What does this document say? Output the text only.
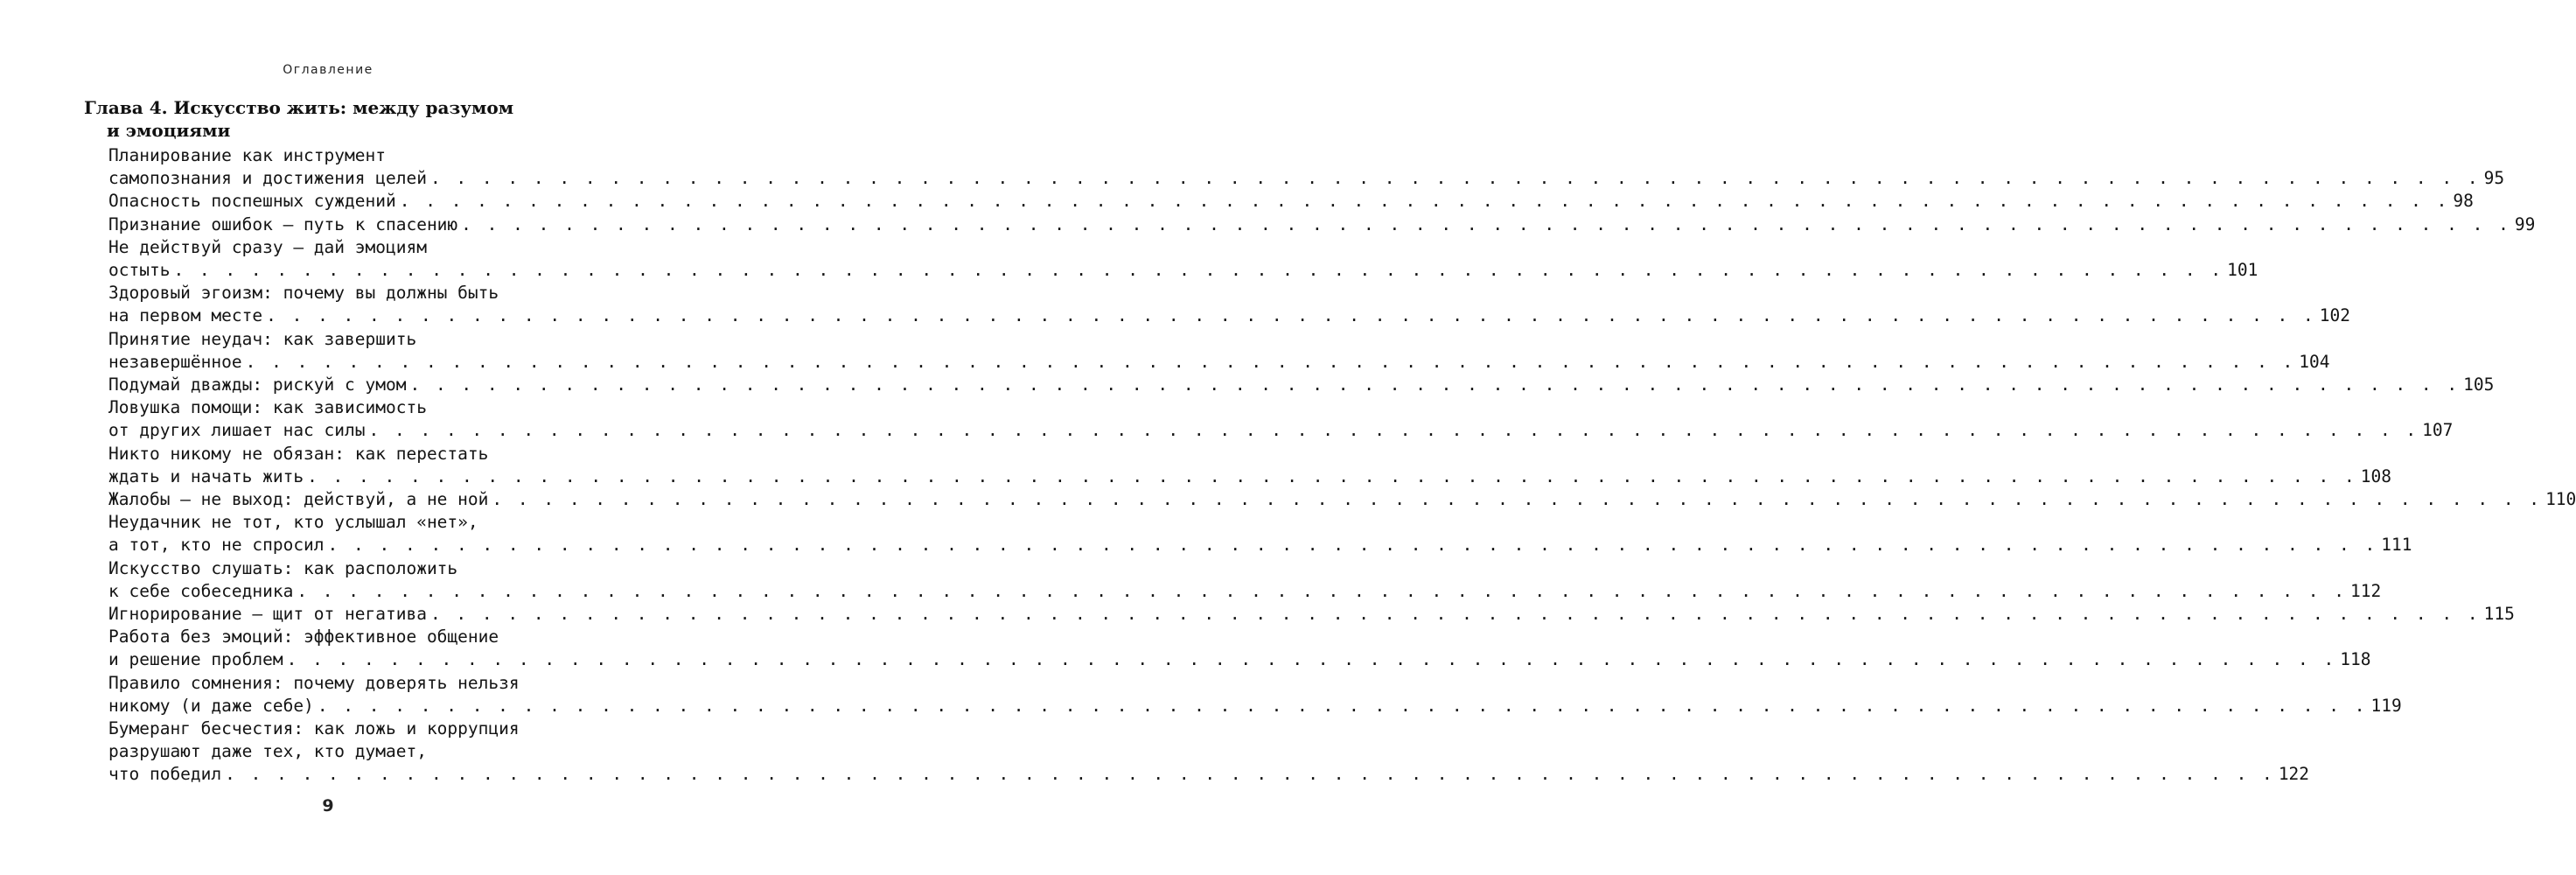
Оглавление
Глава 4. Искусство жить: между разумом
и эмоциями
Планирование как инструмент
самопознания и достижения целей . . . . . . . . . . . . . . . . . . . . . . . . . . . . . . . . . . . . . . . . . . . . . . . . . . . . . . . . . . . . . . . . . . . . . . . . . . . . . . . . 95
Опасность поспешных суждений . . . . . . . . . . . . . . . . . . . . . . . . . . . . . . . . . . . . . . . . . . . . . . . . . . . . . . . . . . . . . . . . . . . . . . . . . . . . . . . . 98
Признание ошибок — путь к спасению . . . . . . . . . . . . . . . . . . . . . . . . . . . . . . . . . . . . . . . . . . . . . . . . . . . . . . . . . . . . . . . . . . . . . . . . . . . . . . . . 99
Не действуй сразу — дай эмоциям
остыть . . . . . . . . . . . . . . . . . . . . . . . . . . . . . . . . . . . . . . . . . . . . . . . . . . . . . . . . . . . . . . . . . . . . . . . . . . . . . . . . 101
Здоровый эгоизм: почему вы должны быть
на первом месте . . . . . . . . . . . . . . . . . . . . . . . . . . . . . . . . . . . . . . . . . . . . . . . . . . . . . . . . . . . . . . . . . . . . . . . . . . . . . . . . 102
Принятие неудач: как завершить
незавершённое . . . . . . . . . . . . . . . . . . . . . . . . . . . . . . . . . . . . . . . . . . . . . . . . . . . . . . . . . . . . . . . . . . . . . . . . . . . . . . . . 104
Подумай дважды: рискуй с умом . . . . . . . . . . . . . . . . . . . . . . . . . . . . . . . . . . . . . . . . . . . . . . . . . . . . . . . . . . . . . . . . . . . . . . . . . . . . . . . . 105
Ловушка помощи: как зависимость
от других лишает нас силы . . . . . . . . . . . . . . . . . . . . . . . . . . . . . . . . . . . . . . . . . . . . . . . . . . . . . . . . . . . . . . . . . . . . . . . . . . . . . . . . 107
Никто никому не обязан: как перестать
ждать и начать жить . . . . . . . . . . . . . . . . . . . . . . . . . . . . . . . . . . . . . . . . . . . . . . . . . . . . . . . . . . . . . . . . . . . . . . . . . . . . . . . . 108
Жалобы — не выход: действуй, а не ной . . . . . . . . . . . . . . . . . . . . . . . . . . . . . . . . . . . . . . . . . . . . . . . . . . . . . . . . . . . . . . . . . . . . . . . . . . . . . . . . 110
Неудачник не тот, кто услышал «нет»,
а тот, кто не спросил . . . . . . . . . . . . . . . . . . . . . . . . . . . . . . . . . . . . . . . . . . . . . . . . . . . . . . . . . . . . . . . . . . . . . . . . . . . . . . . . 111
Искусство слушать: как расположить
к себе собеседника . . . . . . . . . . . . . . . . . . . . . . . . . . . . . . . . . . . . . . . . . . . . . . . . . . . . . . . . . . . . . . . . . . . . . . . . . . . . . . . . 112
Игнорирование — щит от негатива . . . . . . . . . . . . . . . . . . . . . . . . . . . . . . . . . . . . . . . . . . . . . . . . . . . . . . . . . . . . . . . . . . . . . . . . . . . . . . . . 115
Работа без эмоций: эффективное общение
и решение проблем . . . . . . . . . . . . . . . . . . . . . . . . . . . . . . . . . . . . . . . . . . . . . . . . . . . . . . . . . . . . . . . . . . . . . . . . . . . . . . . . 118
Правило сомнения: почему доверять нельзя
никому (и даже себе) . . . . . . . . . . . . . . . . . . . . . . . . . . . . . . . . . . . . . . . . . . . . . . . . . . . . . . . . . . . . . . . . . . . . . . . . . . . . . . . . 119
Бумеранг бесчестия: как ложь и коррупция
разрушают даже тех, кто думает,
что победил . . . . . . . . . . . . . . . . . . . . . . . . . . . . . . . . . . . . . . . . . . . . . . . . . . . . . . . . . . . . . . . . . . . . . . . . . . . . . . . . 122
9
